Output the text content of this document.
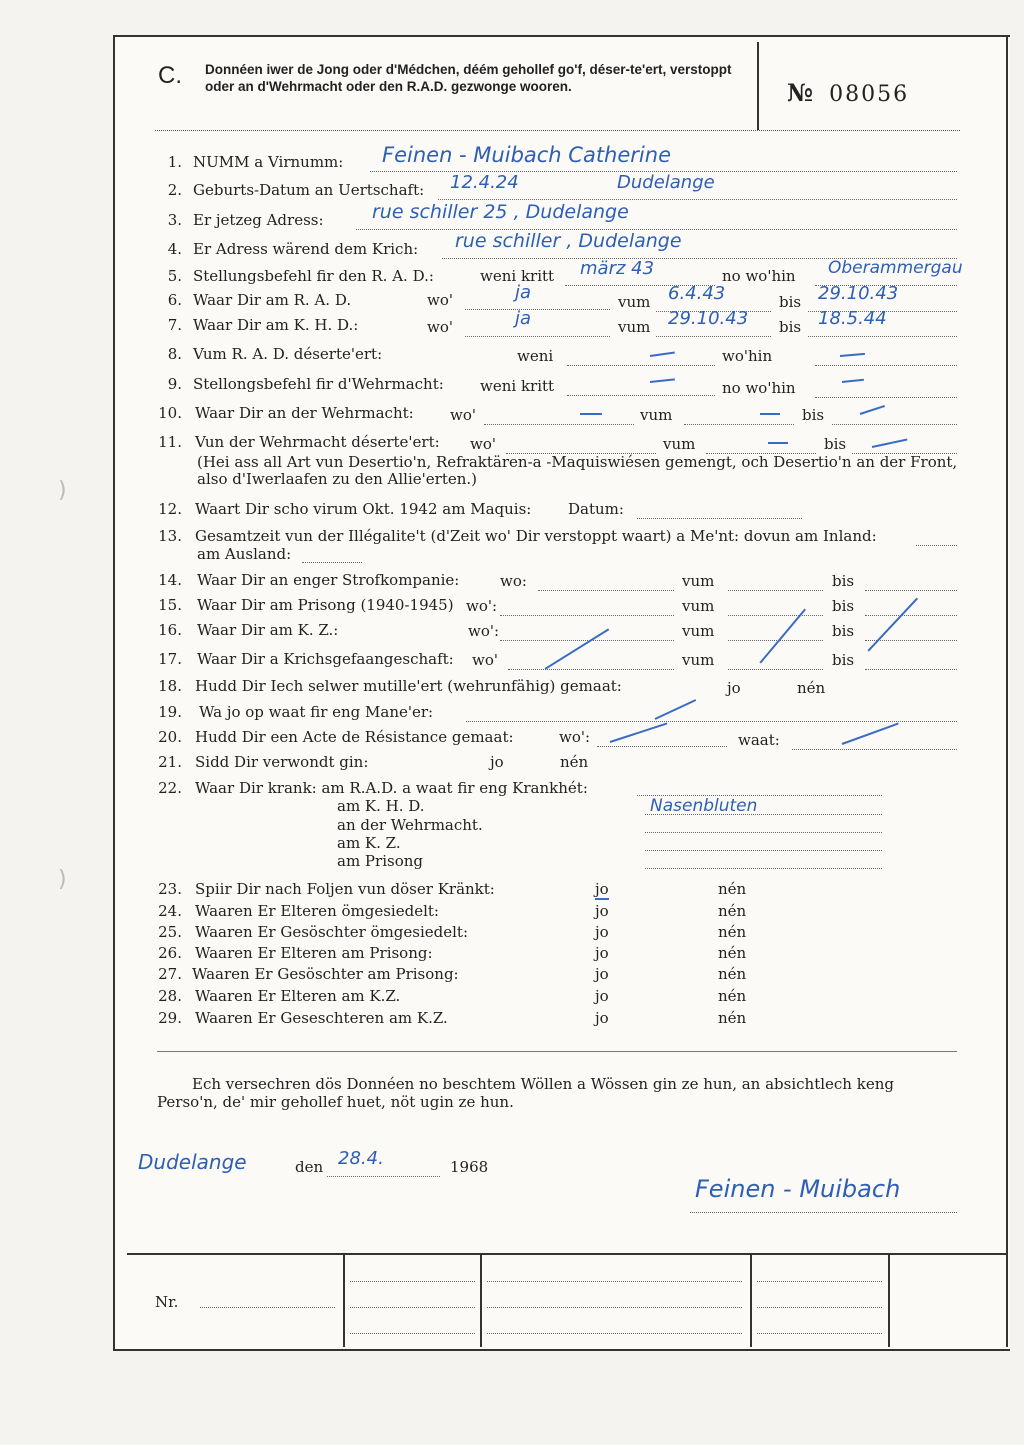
)
)
C. Donnéen iwer de Jong oder d'Médchen, déém gehollef go'f, déser-te'ert, verstoppt oder an d'Wehrmacht oder den R.A.D. gezwonge wooren.	№ 08056
1. NUMM a Virnumm: Feinen - Muibach Catherine
2. Geburts-Datum an Uertschaft: 12.4.24	Dudelange
3. Er jetzeg Adress:	rue schiller 25 , Dudelange
4. Er Adress wärend dem Krich: rue schiller , Dudelange
5. Stellungsbefehl fir den R. A. D.:	weni kritt märz 43	no wo'hin Oberammergau
6. Waar Dir am R. A. D.	wo'	ja	vum 6.4.43	bis 29.10.43
7. Waar Dir am K. H. D.:	wo'	ja	vum 29.10.43 bis 18.5.44
8. Vum R. A. D. déserte'ert:	weni	wo'hin
9. Stellongsbefehl fir d'Wehrmacht: weni kritt	no wo'hin
10. Waar Dir an der Wehrmacht: wo'	vum	bis
11. Vun der Wehrmacht déserte'ert: wo'	vum	bis
(Hei ass all Art vun Desertio'n, Refraktären-a -Maquiswiésen gemengt, och Desertio'n an der Front, also d'Iwerlaafen zu den Allie'erten.)
12. Waart Dir scho virum Okt. 1942 am Maquis: Datum:
13. Gesamtzeit vun der Illégalite't (d'Zeit wo' Dir verstoppt waart) a Me'nt: dovun am Inland:
am Ausland:
14. Waar Dir an enger Strofkompanie:	wo:	vum	bis
15. Waar Dir am Prisong (1940-1945) wo':	vum	bis
16. Waar Dir am K. Z.:	wo':	vum	bis
17. Waar Dir a Krichsgefaangeschaft: wo'	vum	bis
18. Hudd Dir Iech selwer mutille'ert (wehrunfähig) gemaat:	jo	nén
19. Wa jo op waat fir eng Mane'er:
20. Hudd Dir een Acte de Résistance gemaat:	wo':	waat:
21. Sidd Dir verwondt gin:	jo	nén
22. Waar Dir krank: am R.A.D. a waat fir eng Krankhét:
am K. H. D.	Nasenbluten
an der Wehrmacht.
am K. Z.
am Prisong
23. Spiir Dir nach Foljen vun döser Kränkt:	jo	nén
24. Waaren Er Elteren ömgesiedelt:	jo	nén
25. Waaren Er Gesöschter ömgesiedelt:	jo	nén
26. Waaren Er Elteren am Prisong:	jo	nén
27. Waaren Er Gesöschter am Prisong:	jo	nén
28. Waaren Er Elteren am K.Z.	jo	nén
29. Waaren Er Geseschteren am K.Z.	jo	nén
Ech versechren dös Donnéen no beschtem Wöllen a Wössen gin ze hun, an absichtlech keng Perso'n, de' mir gehollef huet, nöt ugin ze hun.
Dudelange	den 28.4.	1968
Feinen - Muibach
Nr.
